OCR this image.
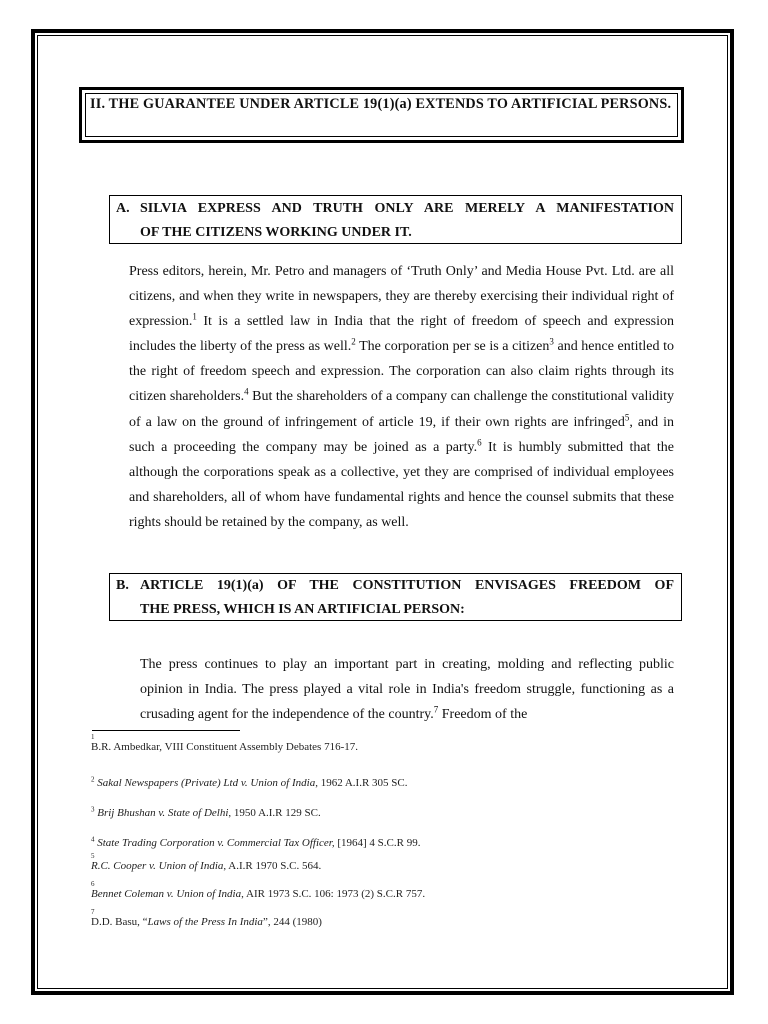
II. THE GUARANTEE UNDER ARTICLE 19(1)(a) EXTENDS TO ARTIFICIAL PERSONS.
A. SILVIA EXPRESS AND TRUTH ONLY ARE MERELY A MANIFESTATION
OF THE CITIZENS WORKING UNDER IT.
Press editors, herein, Mr. Petro and managers of ‘Truth Only’ and Media House Pvt. Ltd. are all citizens, and when they write in newspapers, they are thereby exercising their individual right of expression.$^1$ It is a settled law in India that the right of freedom of speech and expression includes the liberty of the press as well.$^2$ The corporation per se is a citizen$^3$ and hence entitled to the right of freedom speech and expression. The corporation can also claim rights through its citizen shareholders.$^4$ But the shareholders of a company can challenge the constitutional validity of a law on the ground of infringement of article 19, if their own rights are infringed$^5$, and in such a proceeding the company may be joined as a party.$^6$ It is humbly submitted that the although the corporations speak as a collective, yet they are comprised of individual employees and shareholders, all of whom have fundamental rights and hence the counsel submits that these rights should be retained by the company, as well.
B. ARTICLE 19(1)(a) OF THE CONSTITUTION ENVISAGES FREEDOM OF
THE PRESS, WHICH IS AN ARTIFICIAL PERSON:
The press continues to play an important part in creating, molding and reflecting public opinion in India. The press played a vital role in India's freedom struggle, functioning as a crusading agent for the independence of the country.$^7$ Freedom of the
1
B.R. Ambedkar, VIII Constituent Assembly Debates 716-17.
$^2$ Sakal Newspapers (Private) Ltd v. Union of India, 1962 A.I.R 305 SC.
$^3$ Brij Bhushan v. State of Delhi, 1950 A.I.R 129 SC.
$^4$ State Trading Corporation v. Commercial Tax Officer, [1964] 4 S.C.R 99.
5
R.C. Cooper v. Union of India, A.I.R 1970 S.C. 564.
6
Bennet Coleman v. Union of India, AIR 1973 S.C. 106: 1973 (2) S.C.R 757.
7
D.D. Basu, “Laws of the Press In India”, 244 (1980)
